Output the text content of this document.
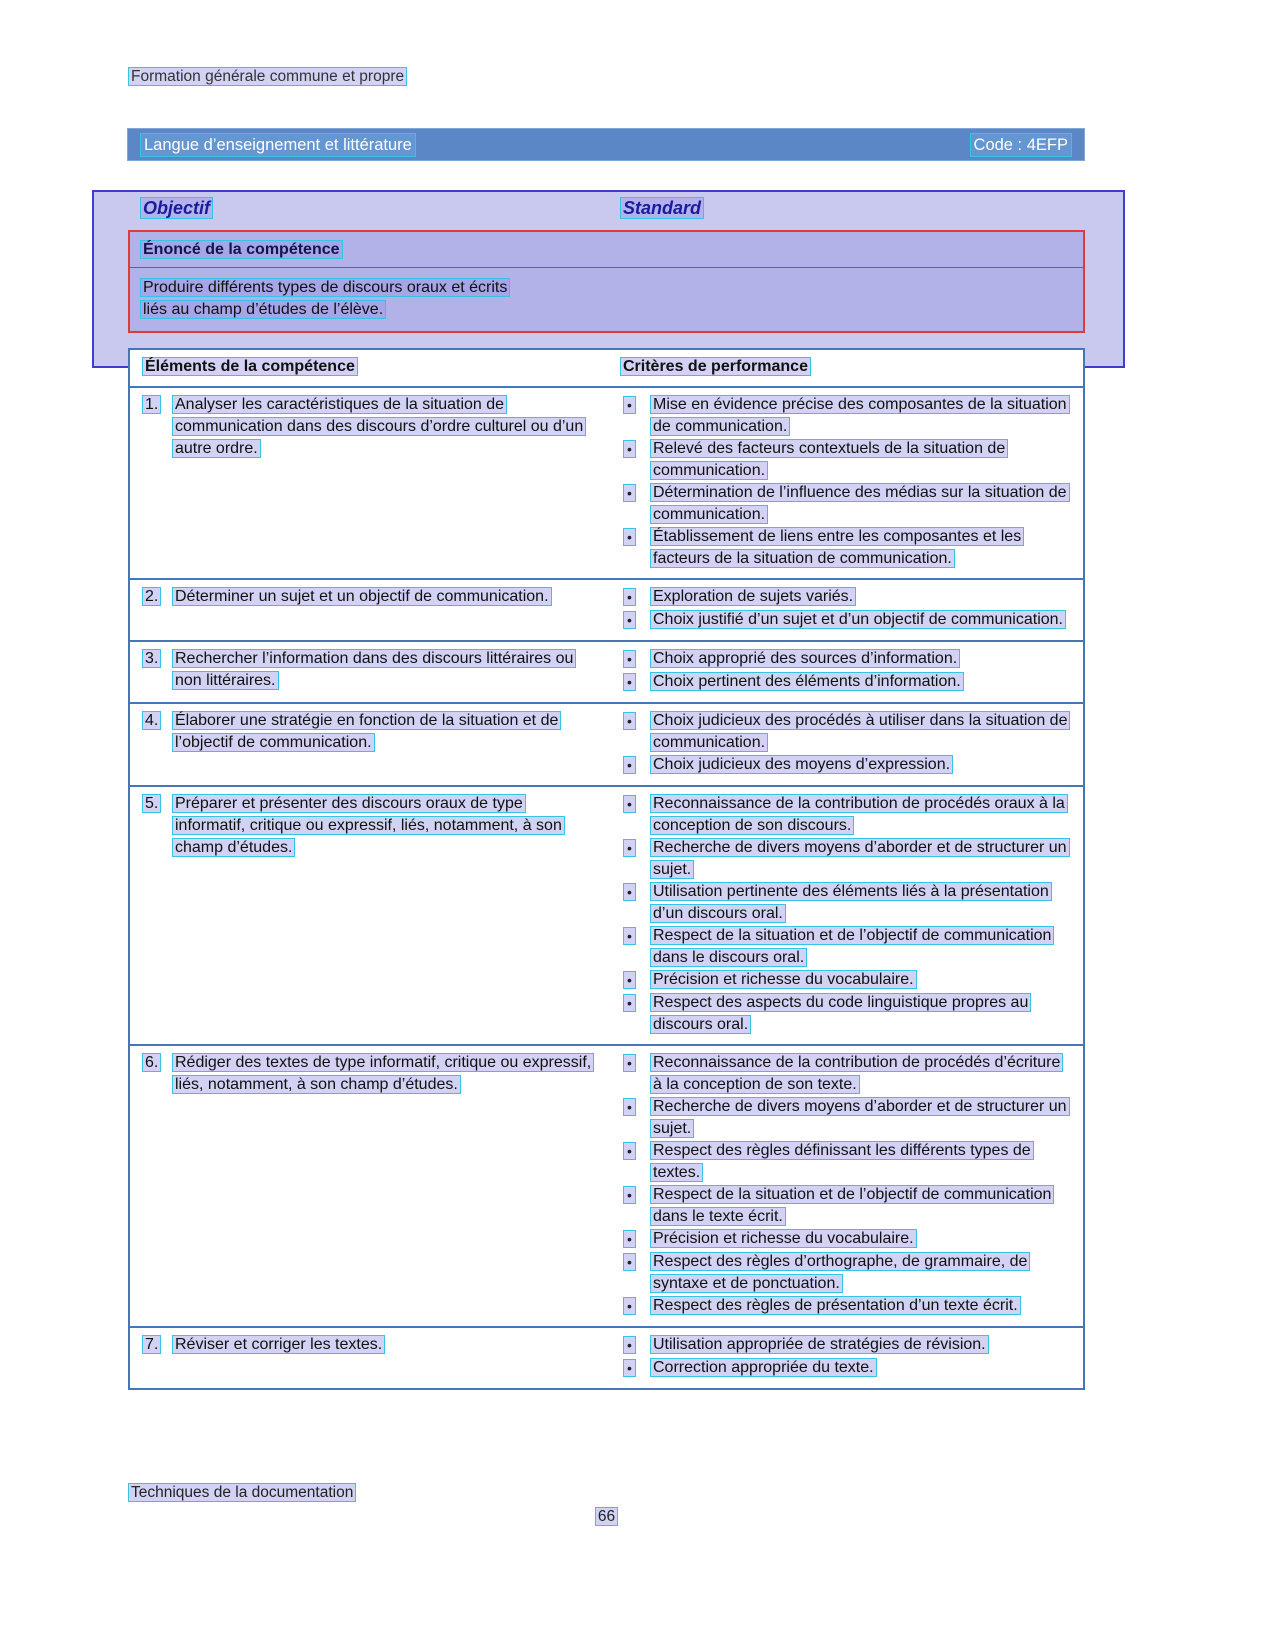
Formation générale commune et propre
Langue d’enseignement et littérature	Code : 4EFP
Objectif	Standard
Énoncé de la compétence
Produire différents types de discours oraux et écrits
liés au champ d’études de l’élève.
Éléments de la compétence	Critères de performance
1.	Analyser les caractéristiques de la situation de communication dans des discours d’ordre culturel ou d’un autre ordre.
•	Mise en évidence précise des composantes de la situation de communication.
•	Relevé des facteurs contextuels de la situation de communication.
•	Détermination de l’influence des médias sur la situation de communication.
•	Établissement de liens entre les composantes et les facteurs de la situation de communication.
2.	Déterminer un sujet et un objectif de communication.	•	Exploration de sujets variés.
•	Choix justifié d’un sujet et d’un objectif de communication.
3.	Rechercher l’information dans des discours littéraires ou non littéraires.
•	Choix approprié des sources d’information.
•	Choix pertinent des éléments d’information.
4.	Élaborer une stratégie en fonction de la situation et de l’objectif de communication.
•	Choix judicieux des procédés à utiliser dans la situation de communication.
•	Choix judicieux des moyens d’expression.
5.	Préparer et présenter des discours oraux de type informatif, critique ou expressif, liés, notamment, à son champ d’études.
•	Reconnaissance de la contribution de procédés oraux à la conception de son discours.
•	Recherche de divers moyens d’aborder et de structurer un sujet.
•	Utilisation pertinente des éléments liés à la présentation d’un discours oral.
•	Respect de la situation et de l’objectif de communication dans le discours oral.
•	Précision et richesse du vocabulaire.
•	Respect des aspects du code linguistique propres au discours oral.
6.	Rédiger des textes de type informatif, critique ou expressif, liés, notamment, à son champ d’études.
•	Reconnaissance de la contribution de procédés d’écriture à la conception de son texte.
•	Recherche de divers moyens d’aborder et de structurer un sujet.
•	Respect des règles définissant les différents types de textes.
•	Respect de la situation et de l’objectif de communication dans le texte écrit.
•	Précision et richesse du vocabulaire.
•	Respect des règles d’orthographe, de grammaire, de syntaxe et de ponctuation.
•	Respect des règles de présentation d’un texte écrit.
7.	Réviser et corriger les textes.	•	Utilisation appropriée de stratégies de révision.
•	Correction appropriée du texte.
Techniques de la documentation
66
